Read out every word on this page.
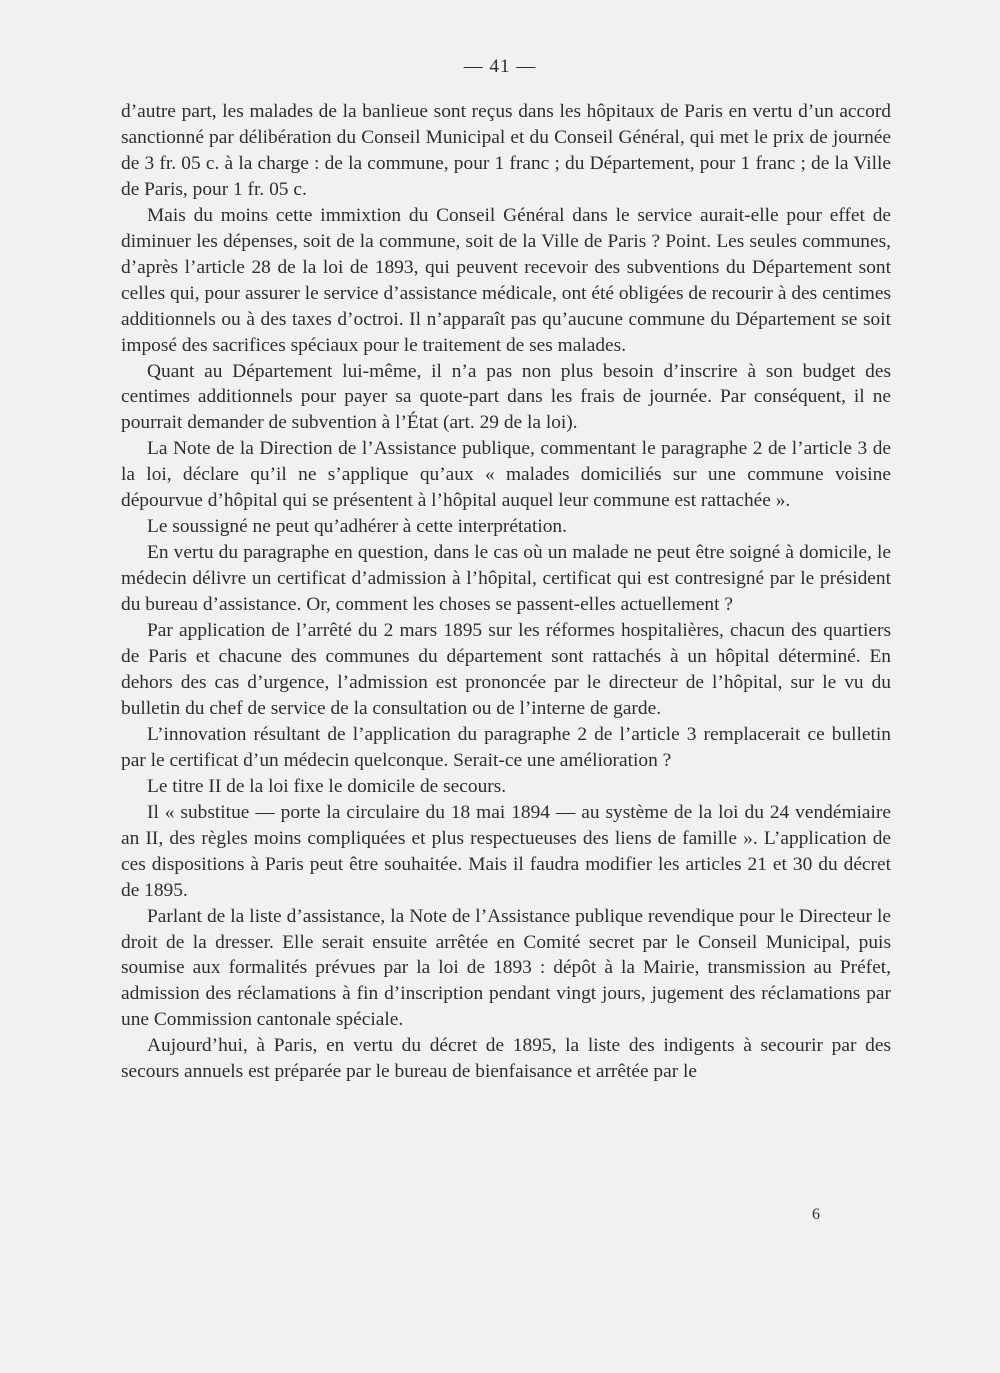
— 41 —

d’autre part, les malades de la banlieue sont reçus dans les hôpitaux de Paris en vertu d’un accord sanctionné par délibération du Conseil Municipal et du Conseil Général, qui met le prix de journée de 3 fr. 05 c. à la charge : de la commune, pour 1 franc ; du Département, pour 1 franc ; de la Ville de Paris, pour 1 fr. 05 c.

Mais du moins cette immixtion du Conseil Général dans le service aurait-elle pour effet de diminuer les dépenses, soit de la commune, soit de la Ville de Paris ? Point. Les seules communes, d’après l’article 28 de la loi de 1893, qui peuvent recevoir des subventions du Département sont celles qui, pour assurer le service d’assistance médicale, ont été obligées de recourir à des centimes additionnels ou à des taxes d’octroi. Il n’apparaît pas qu’aucune commune du Département se soit imposé des sacrifices spéciaux pour le traitement de ses malades.

Quant au Département lui-même, il n’a pas non plus besoin d’inscrire à son budget des centimes additionnels pour payer sa quote-part dans les frais de journée. Par conséquent, il ne pourrait demander de subvention à l’État (art. 29 de la loi).

La Note de la Direction de l’Assistance publique, commentant le paragraphe 2 de l’article 3 de la loi, déclare qu’il ne s’applique qu’aux « malades domiciliés sur une commune voisine dépourvue d’hôpital qui se présentent à l’hôpital auquel leur commune est rattachée ».

Le soussigné ne peut qu’adhérer à cette interprétation.

En vertu du paragraphe en question, dans le cas où un malade ne peut être soigné à domicile, le médecin délivre un certificat d’admission à l’hôpital, certificat qui est contresigné par le président du bureau d’assistance. Or, comment les choses se passent-elles actuellement ?

Par application de l’arrêté du 2 mars 1895 sur les réformes hospitalières, chacun des quartiers de Paris et chacune des communes du département sont rattachés à un hôpital déterminé. En dehors des cas d’urgence, l’admission est prononcée par le directeur de l’hôpital, sur le vu du bulletin du chef de service de la consultation ou de l’interne de garde.

L’innovation résultant de l’application du paragraphe 2 de l’article 3 remplacerait ce bulletin par le certificat d’un médecin quelconque. Serait-ce une amélioration ?

Le titre II de la loi fixe le domicile de secours.

Il « substitue — porte la circulaire du 18 mai 1894 — au système de la loi du 24 vendémiaire an II, des règles moins compliquées et plus respectueuses des liens de famille ». L’application de ces dispositions à Paris peut être souhaitée. Mais il faudra modifier les articles 21 et 30 du décret de 1895.

Parlant de la liste d’assistance, la Note de l’Assistance publique revendique pour le Directeur le droit de la dresser. Elle serait ensuite arrêtée en Comité secret par le Conseil Municipal, puis soumise aux formalités prévues par la loi de 1893 : dépôt à la Mairie, transmission au Préfet, admission des réclamations à fin d’inscription pendant vingt jours, jugement des réclamations par une Commission cantonale spéciale.

Aujourd’hui, à Paris, en vertu du décret de 1895, la liste des indigents à secourir par des secours annuels est préparée par le bureau de bienfaisance et arrêtée par le

6
